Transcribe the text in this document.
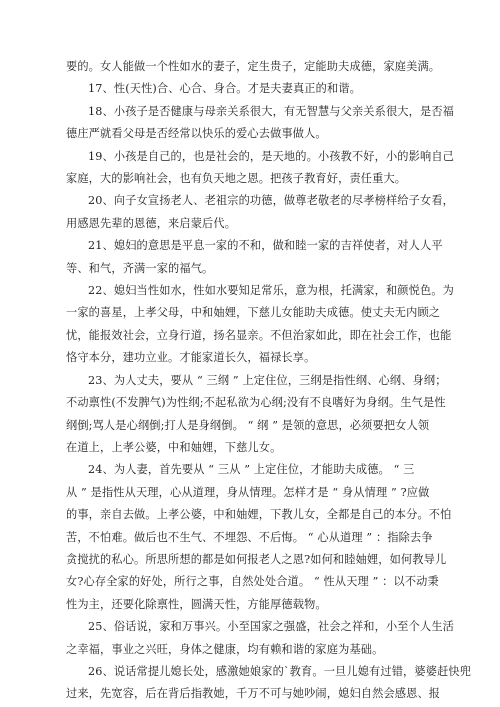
要的。女人能做一个性如水的妻子，定生贵子，定能助夫成德，家庭美满。

17、性(天性)合、心合、身合。才是夫妻真正的和谐。

18、小孩子是否健康与母亲关系很大，有无智慧与父亲关系很大，是否福
德庄严就看父母是否经常以快乐的爱心去做事做人。

19、小孩是自己的，也是社会的，是天地的。小孩教不好，小的影响自己
家庭，大的影响社会，也有负天地之恩。把孩子教育好，责任重大。

20、向子女宣扬老人、老祖宗的功德，做尊老敬老的尽孝榜样给子女看，
用感恩先辈的恩德，来启蒙后代。

21、媳妇的意思是平息一家的不和，做和睦一家的吉祥使者，对人人平
等、和气，齐满一家的福气。

22、媳妇当性如水，性如水要知足常乐，意为根，托满家，和颜悦色。为
一家的喜星，上孝父母，中和妯娌，下慈儿女能助夫成德。使丈夫无内顾之
忧，能报效社会，立身行道，扬名显亲。不但治家如此，即在社会工作，也能
恪守本分，建功立业。才能家道长久，福禄长享。

23、为人丈夫，要从 “ 三纲 ” 上定住位，三纲是指性纲、心纲、身纲；
不动禀性(不发脾气)为性纲;不起私欲为心纲;没有不良嗜好为身纲。生气是性
纲倒;骂人是心纲倒;打人是身纲倒。 “ 纲 ” 是领的意思，必须要把女人领
在道上，上孝公婆，中和妯娌，下慈儿女。

24、为人妻，首先要从 “ 三从 ” 上定住位，才能助夫成德。 “ 三
从 ” 是指性从天理，心从道理，身从情理。怎样才是 “ 身从情理 ” ?应做
的事，亲自去做。上孝公婆，中和妯娌，下教儿女，全都是自己的本分。不怕
苦，不怕难。做后也不生气、不埋怨、不后悔。 “ 心从道理 ” ：指除去争
贪搅扰的私心。所思所想的都是如何报老人之恩?如何和睦妯娌，如何教导儿
女?心存全家的好处，所行之事，自然处处合道。 “ 性从天理 ” ：以不动秉
性为主，还要化除禀性，圆满天性，方能厚德载物。

25、俗话说，家和万事兴。小至国家之强盛，社会之祥和，小至个人生活
之幸福，事业之兴旺，身体之健康，均有赖和谐的家庭为基础。

26、说话常提儿媳长处，感激她娘家的`教育。一旦儿媳有过错，婆婆赶快兜
过来，先宽容，后在背后指教她，千万不可与她吵闹，媳妇自然会感恩、报
